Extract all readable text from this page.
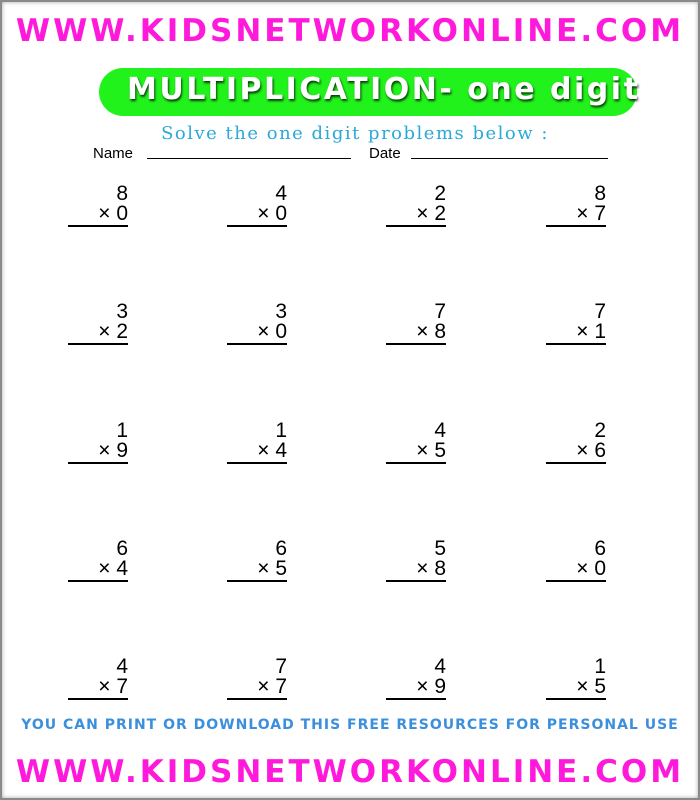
WWW.KIDSNETWORKONLINE.COM
MULTIPLICATION- one digit
Solve the one digit problems below :
Name	Date
8
× 0
4
× 0
2
× 2
8
× 7
3
× 2
3
× 0
7
× 8
7
× 1
1
× 9
1
× 4
4
× 5
2
× 6
6
× 4
6
× 5
5
× 8
6
× 0
4
× 7
7
× 7
4
× 9
1
× 5
YOU CAN PRINT OR DOWNLOAD THIS FREE RESOURCES FOR PERSONAL USE
WWW.KIDSNETWORKONLINE.COM
